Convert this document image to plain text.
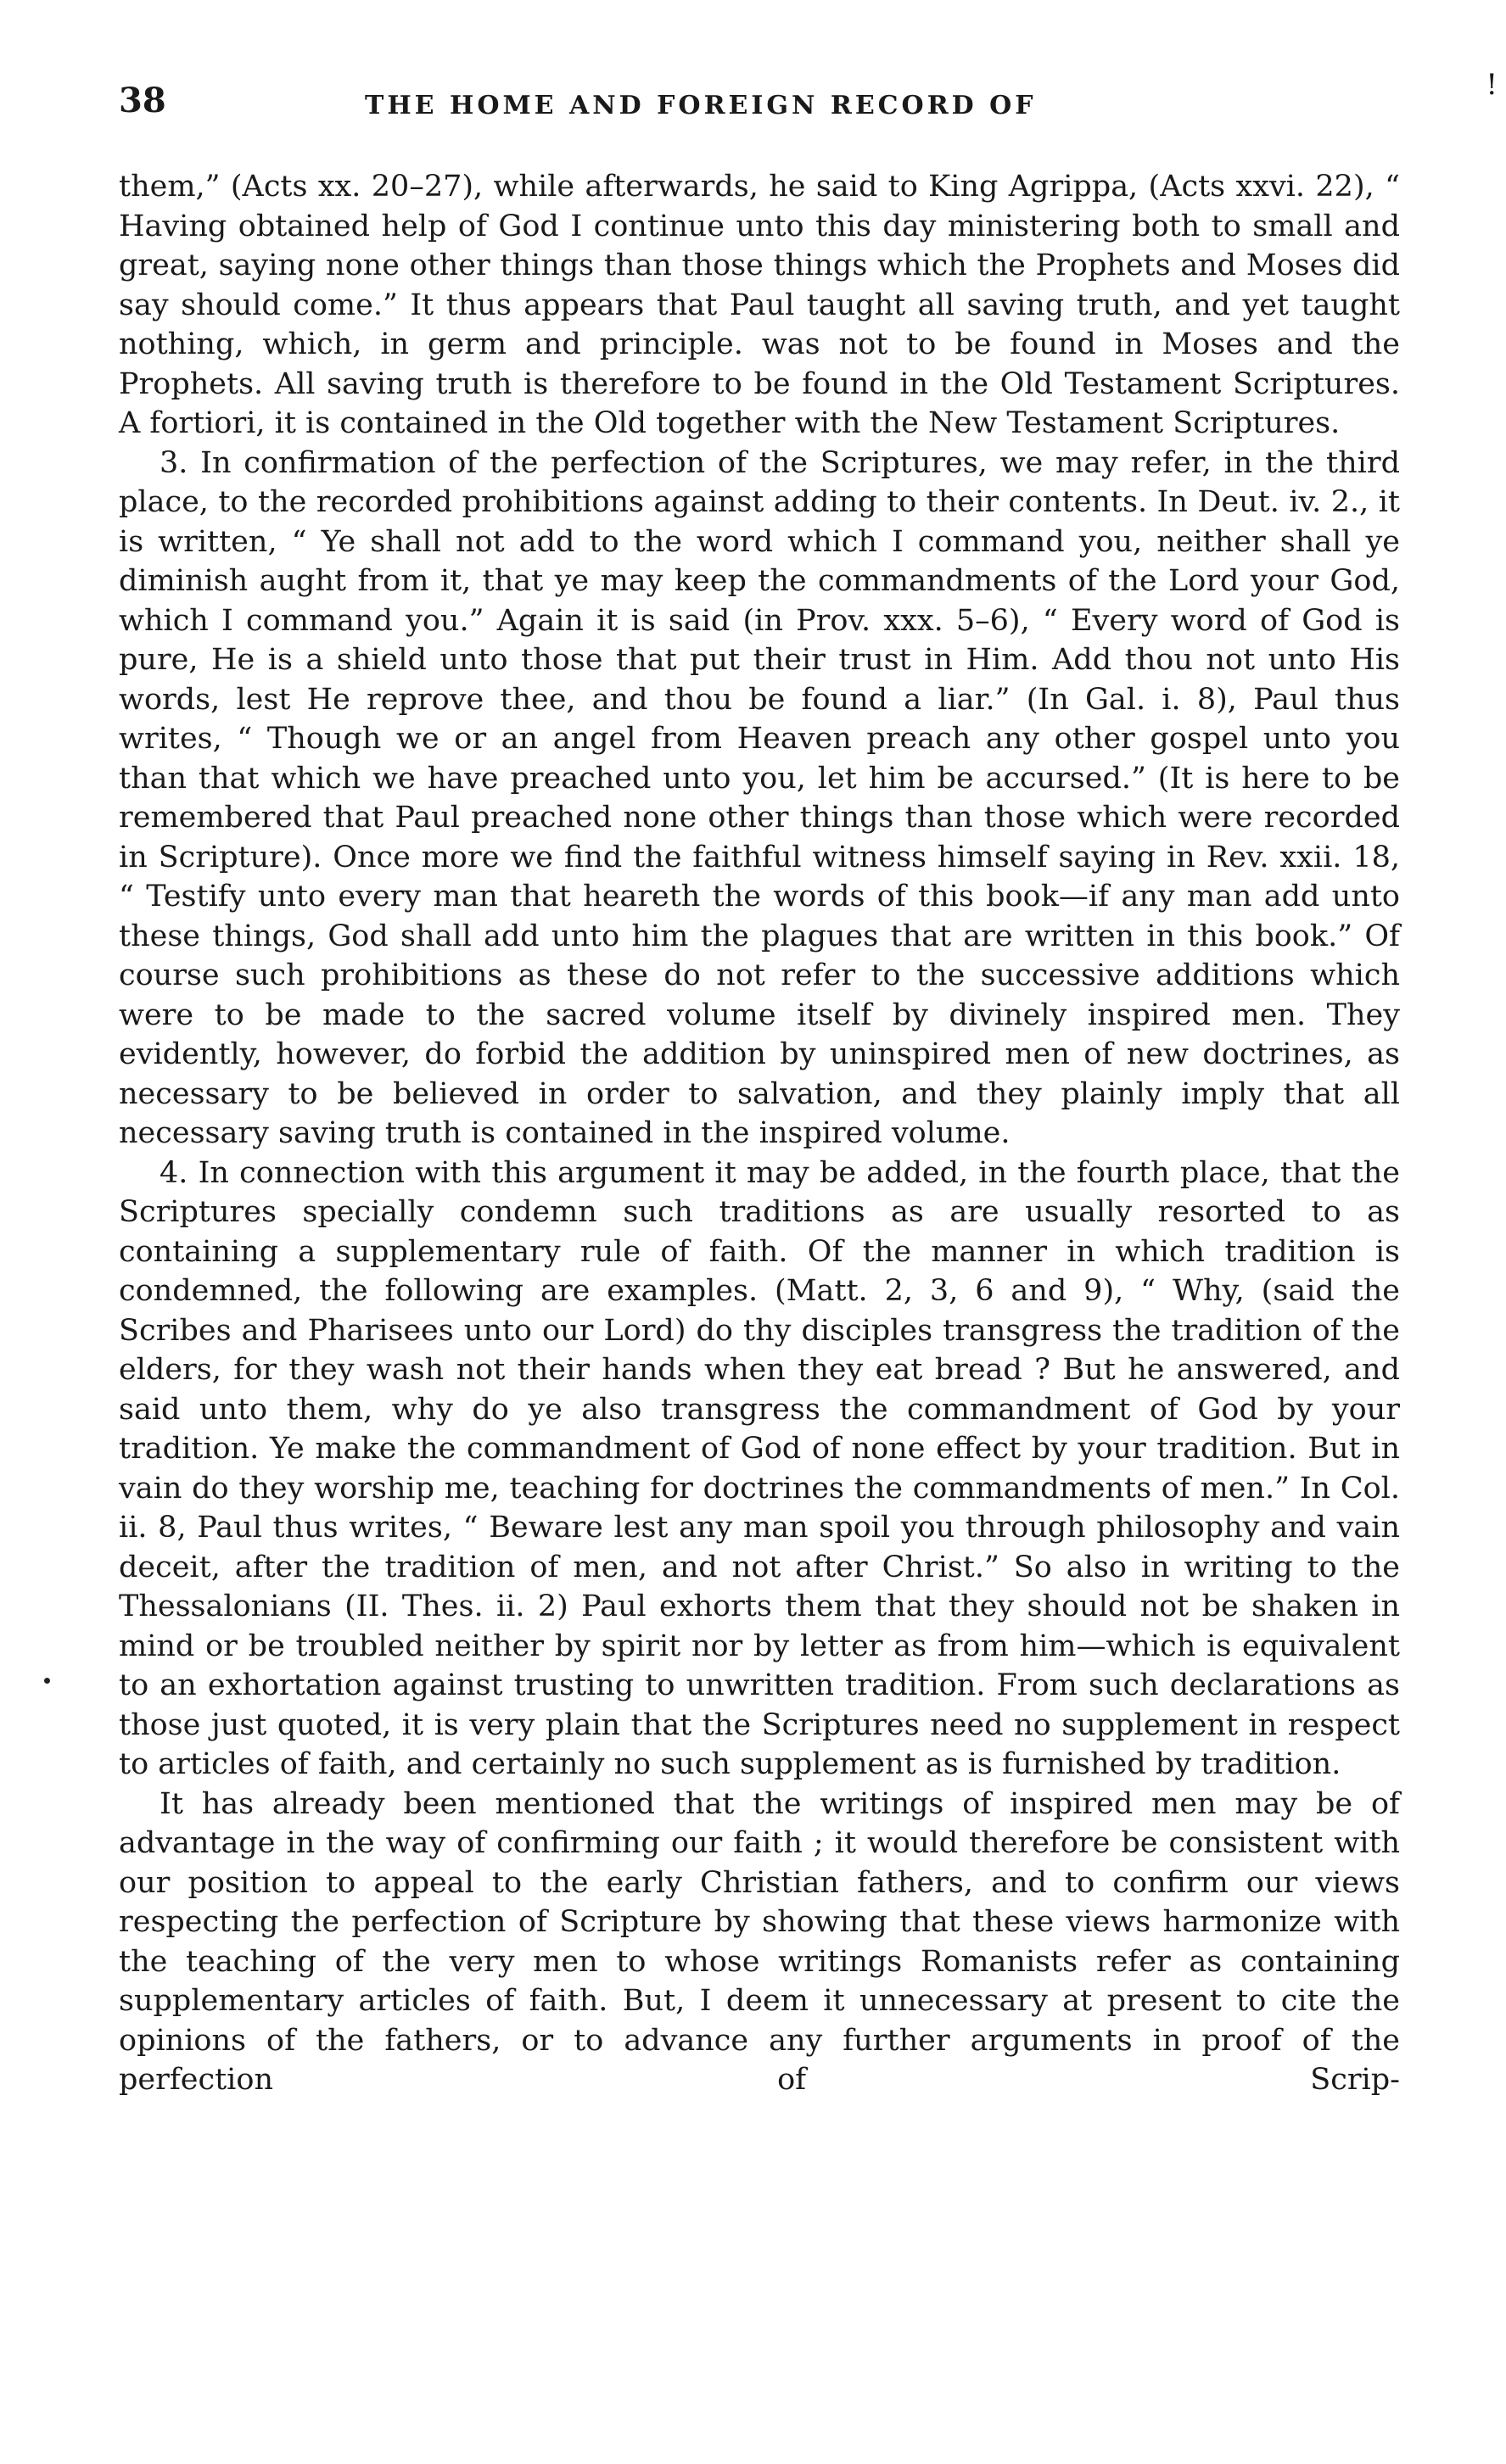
38	THE HOME AND FOREIGN RECORD OF
!

them,” (Acts xx. 20–27), while afterwards, he said to King Agrippa, (Acts xxvi. 22), “ Having obtained help of God I continue unto this day ministering both to small and great, saying none other things than those things which the Prophets and Moses did say should come.” It thus appears that Paul taught all saving truth, and yet taught nothing, which, in germ and principle. was not to be found in Moses and the Prophets. All saving truth is therefore to be found in the Old Testament Scriptures. A fortiori, it is contained in the Old together with the New Testament Scriptures.

3. In confirmation of the perfection of the Scriptures, we may refer, in the third place, to the recorded prohibitions against adding to their contents. In Deut. iv. 2., it is written, “ Ye shall not add to the word which I command you, neither shall ye diminish aught from it, that ye may keep the commandments of the Lord your God, which I command you.” Again it is said (in Prov. xxx. 5–6), “ Every word of God is pure, He is a shield unto those that put their trust in Him. Add thou not unto His words, lest He reprove thee, and thou be found a liar.” (In Gal. i. 8), Paul thus writes, “ Though we or an angel from Heaven preach any other gospel unto you than that which we have preached unto you, let him be accursed.” (It is here to be remembered that Paul preached none other things than those which were recorded in Scripture). Once more we find the faithful witness himself saying in Rev. xxii. 18, “ Testify unto every man that heareth the words of this book—if any man add unto these things, God shall add unto him the plagues that are written in this book.” Of course such prohibitions as these do not refer to the successive additions which were to be made to the sacred volume itself by divinely inspired men. They evidently, however, do forbid the addition by uninspired men of new doctrines, as necessary to be believed in order to salvation, and they plainly imply that all necessary saving truth is contained in the inspired volume.

4. In connection with this argument it may be added, in the fourth place, that the Scriptures specially condemn such traditions as are usually resorted to as containing a supplementary rule of faith. Of the manner in which tradition is condemned, the following are examples. (Matt. 2, 3, 6 and 9), “ Why, (said the Scribes and Pharisees unto our Lord) do thy disciples transgress the tradition of the elders, for they wash not their hands when they eat bread ? But he answered, and said unto them, why do ye also transgress the commandment of God by your tradition. Ye make the commandment of God of none effect by your tradition. But in vain do they worship me, teaching for doctrines the commandments of men.” In Col. ii. 8, Paul thus writes, “ Beware lest any man spoil you through philosophy and vain deceit, after the tradition of men, and not after Christ.” So also in writing to the Thessalonians (II. Thes. ii. 2) Paul exhorts them that they should not be shaken in mind or be troubled neither by spirit nor by letter as from him—which is equivalent to an exhortation against trusting to unwritten tradition. From such declarations as those just quoted, it is very plain that the Scriptures need no supplement in respect to articles of faith, and certainly no such supplement as is furnished by tradition.

It has already been mentioned that the writings of inspired men may be of advantage in the way of confirming our faith ; it would therefore be consistent with our position to appeal to the early Christian fathers, and to confirm our views respecting the perfection of Scripture by showing that these views harmonize with the teaching of the very men to whose writings Romanists refer as containing supplementary articles of faith. But, I deem it unnecessary at present to cite the opinions of the fathers, or to advance any further arguments in proof of the perfection of Scrip-
